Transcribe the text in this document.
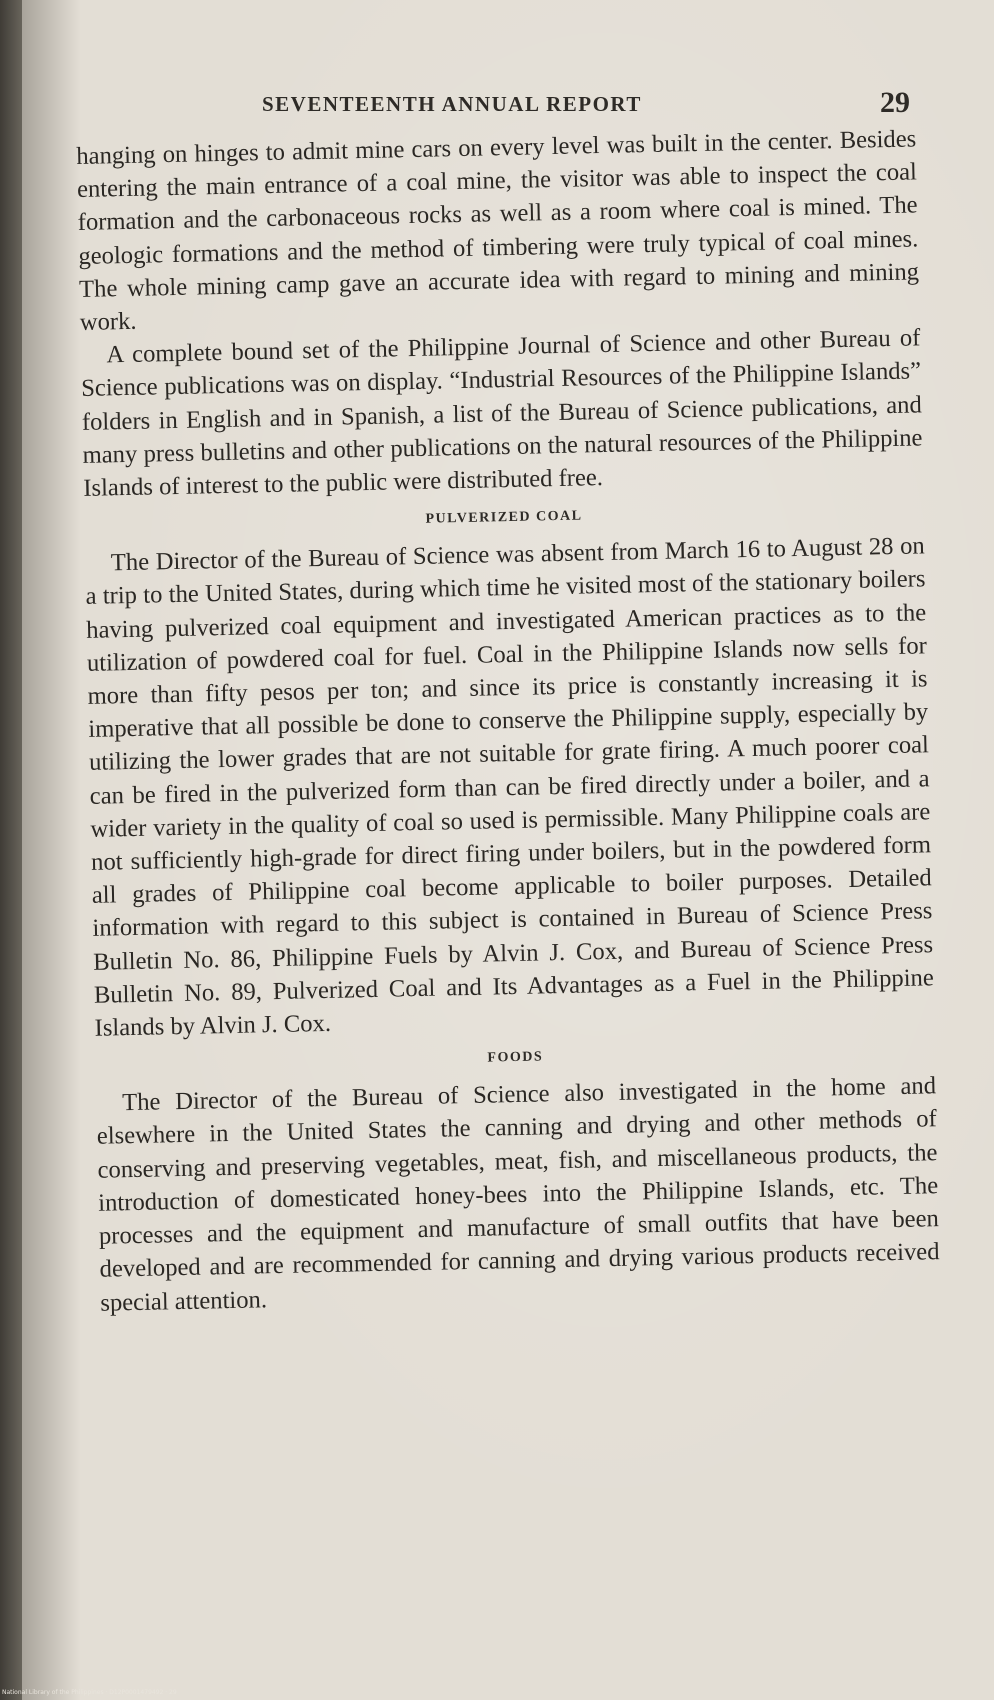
SEVENTEENTH ANNUAL REPORT	29

hanging on hinges to admit mine cars on every level was built in the center. Besides entering the main entrance of a coal mine, the visitor was able to inspect the coal formation and the carbonaceous rocks as well as a room where coal is mined. The geologic formations and the method of timbering were truly typical of coal mines. The whole mining camp gave an accurate idea with regard to mining and mining work.

A complete bound set of the Philippine Journal of Science and other Bureau of Science publications was on display. “Industrial Resources of the Philippine Islands” folders in English and in Spanish, a list of the Bureau of Science publications, and many press bulletins and other publications on the natural resources of the Philippine Islands of interest to the public were distributed free.

PULVERIZED COAL

The Director of the Bureau of Science was absent from March 16 to August 28 on a trip to the United States, during which time he visited most of the stationary boilers having pulverized coal equipment and investigated American practices as to the utilization of powdered coal for fuel. Coal in the Philippine Islands now sells for more than fifty pesos per ton; and since its price is constantly increasing it is imperative that all possible be done to conserve the Philippine supply, especially by utilizing the lower grades that are not suitable for grate firing. A much poorer coal can be fired in the pulverized form than can be fired directly under a boiler, and a wider variety in the quality of coal so used is permissible. Many Philippine coals are not sufficiently high-grade for direct firing under boilers, but in the powdered form all grades of Philippine coal become applicable to boiler purposes. Detailed information with regard to this subject is contained in Bureau of Science Press Bulletin No. 86, Philippine Fuels by Alvin J. Cox, and Bureau of Science Press Bulletin No. 89, Pulverized Coal and Its Advantages as a Fuel in the Philippine Islands by Alvin J. Cox.

FOODS

The Director of the Bureau of Science also investigated in the home and elsewhere in the United States the canning and drying and other methods of conserving and preserving vegetables, meat, fish, and miscellaneous products, the introduction of domesticated honey-bees into the Philippine Islands, etc. The processes and the equipment and manufacture of small outfits that have been developed and are recommended for canning and drying various products received special attention.

National Library of the Philippines · D12P0001479492 · 29
